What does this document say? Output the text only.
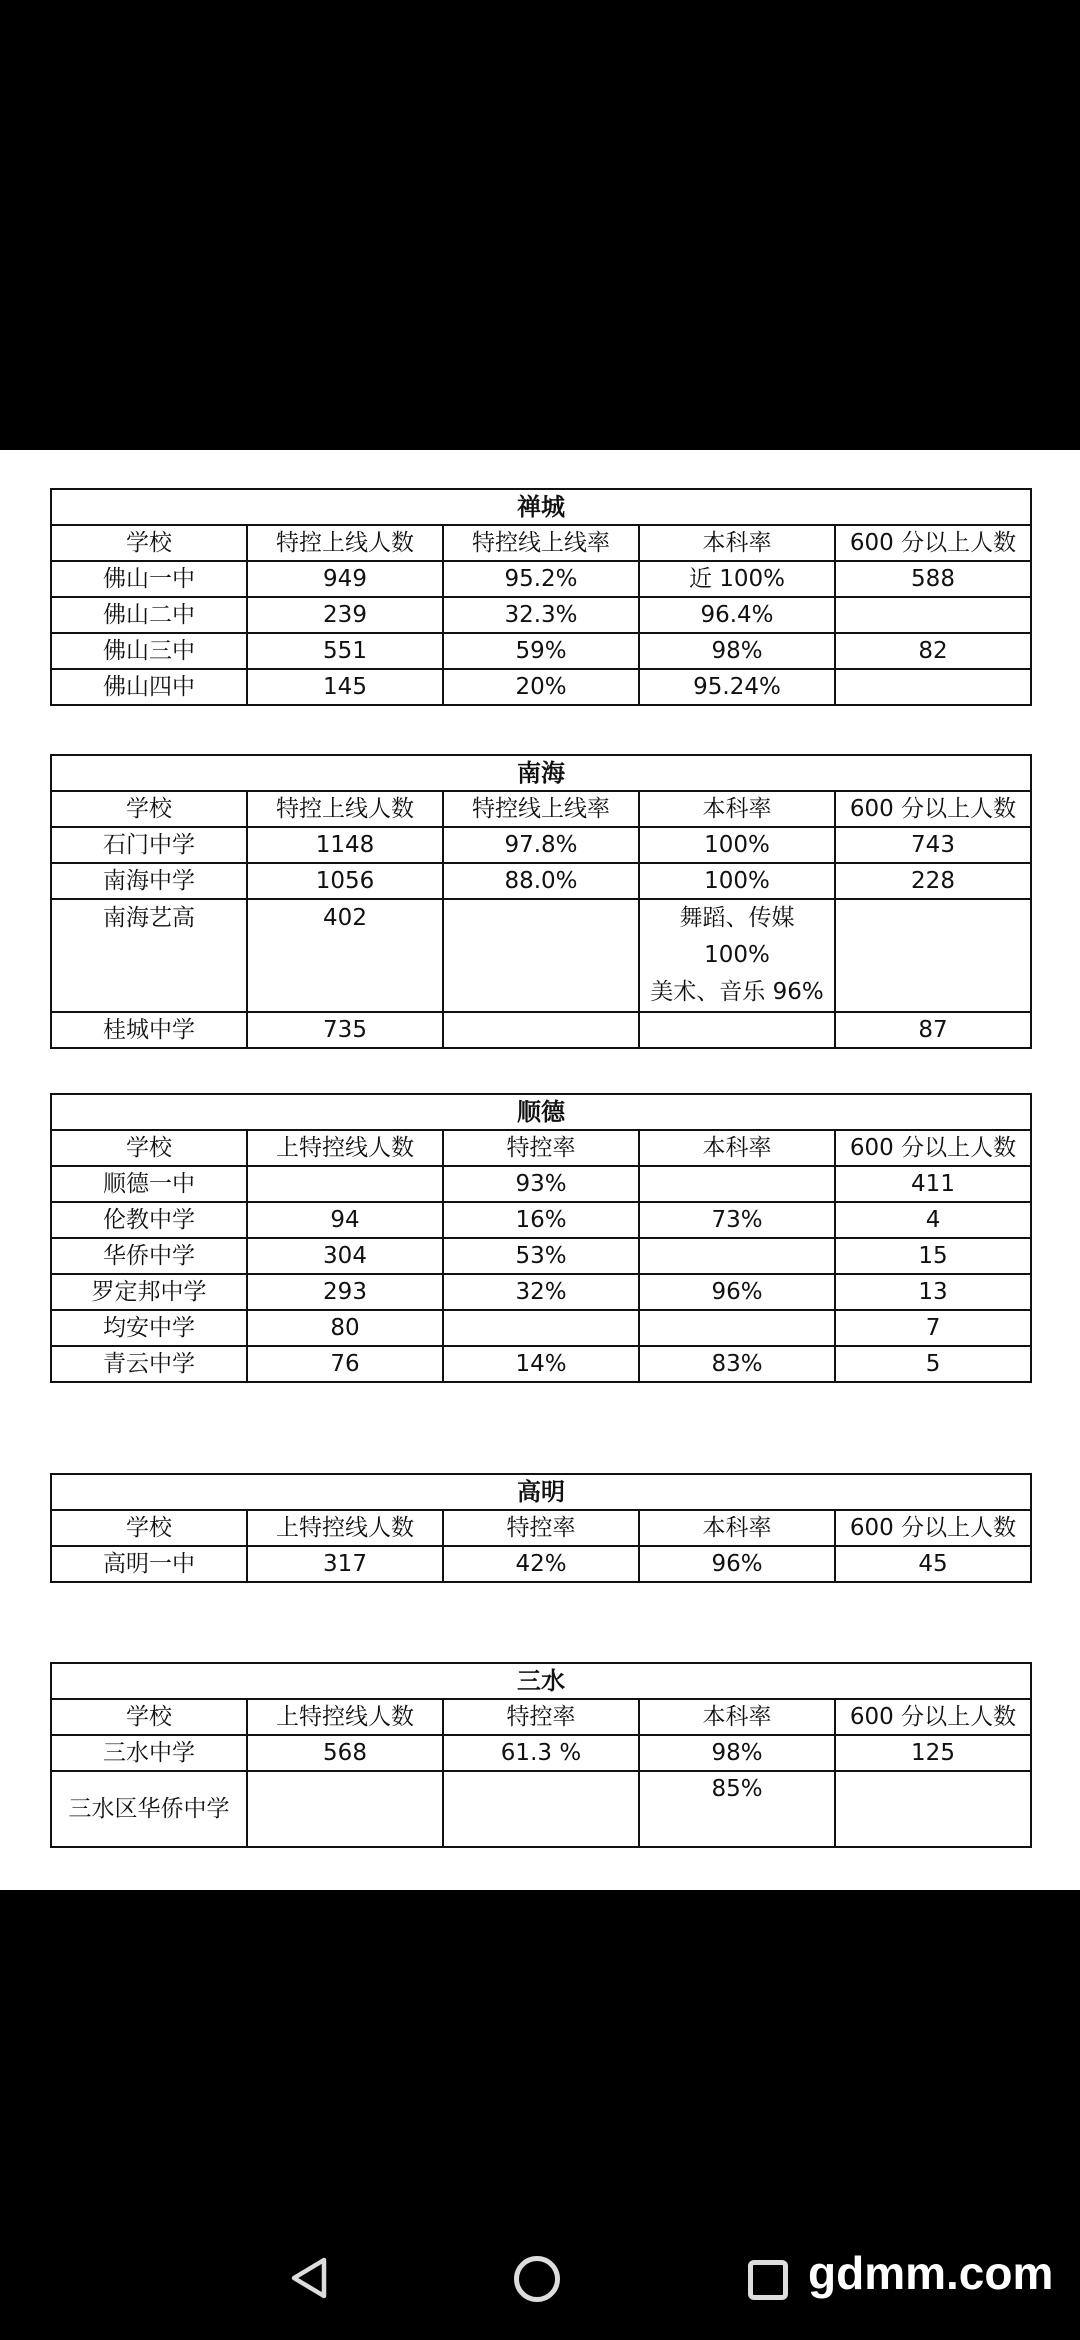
禅城				
学校	特控上线人数	特控线上线率	本科率	600 分以上人数
佛山一中	949	95.2%	近 100%	588
佛山二中	239	32.3%	96.4%	
佛山三中	551	59%	98%	82
佛山四中	145	20%	95.24%	
南海				
学校	特控上线人数	特控线上线率	本科率	600 分以上人数
石门中学	1148	97.8%	100%	743
南海中学	1056	88.0%	100%	228
南海艺高	402		舞蹈、传媒
100%
美术、音乐 96%	

桂城中学	735			87
顺德				
学校	上特控线人数	特控率	本科率	600 分以上人数
顺德一中		93%		411
伦教中学	94	16%	73%	4
华侨中学	304	53%		15
罗定邦中学	293	32%	96%	13
均安中学	80			7
青云中学	76	14%	83%	5
高明				
学校	上特控线人数	特控率	本科率	600 分以上人数
高明一中	317	42%	96%	45
三水				
学校	上特控线人数	特控率	本科率	600 分以上人数
三水中学	568	61.3 %	98%	125
三水区华侨中学			85%	
gdmm.com
